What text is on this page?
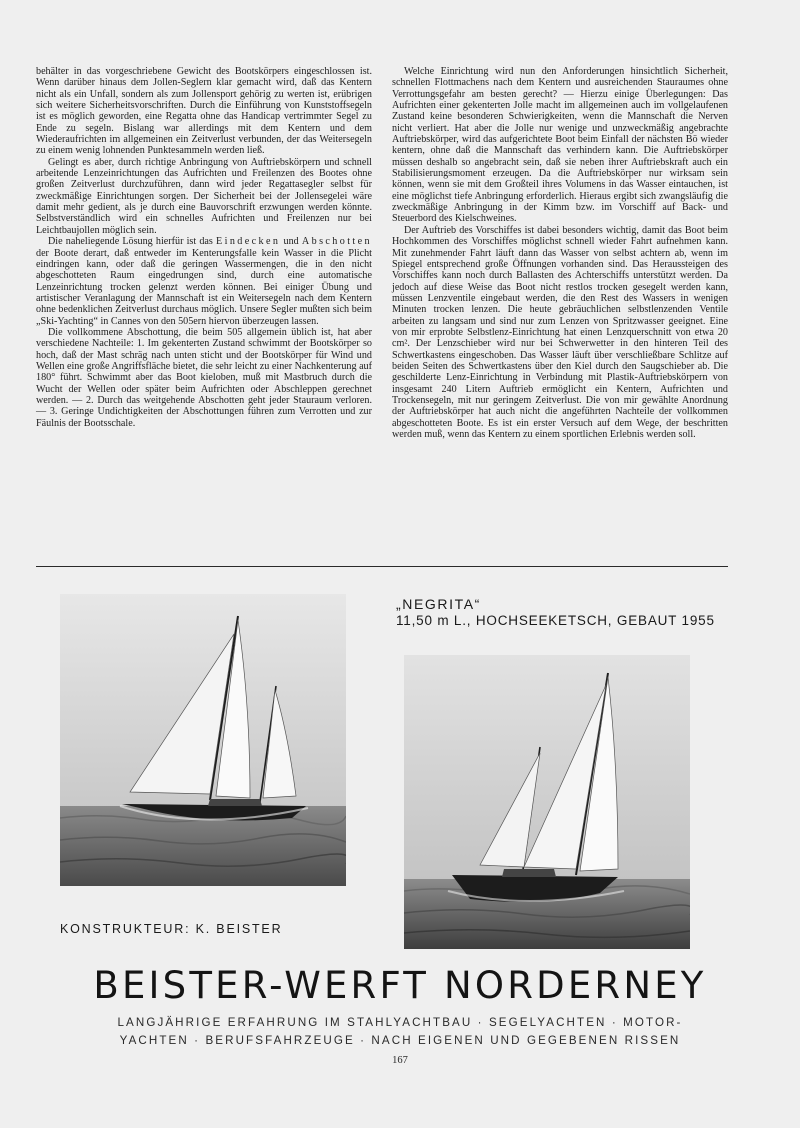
behälter in das vorgeschriebene Gewicht des Bootskörpers eingeschlossen ist. Wenn darüber hinaus dem Jollen-Seglern klar gemacht wird, daß das Kentern nicht als ein Unfall, sondern als zum Jollensport gehörig zu werten ist, erübrigen sich weitere Sicherheitsvorschriften. Durch die Einführung von Kunststoffsegeln ist es möglich geworden, eine Regatta ohne das Handicap vertrimmter Segel zu Ende zu segeln. Bislang war allerdings mit dem Kentern und dem Wiederaufrichten im allgemeinen ein Zeitverlust verbunden, der das Weitersegeln zu einem wenig lohnenden Punktesammeln werden ließ.

Gelingt es aber, durch richtige Anbringung von Auftriebskörpern und schnell arbeitende Lenzeinrichtungen das Aufrichten und Freilenzen des Bootes ohne großen Zeitverlust durchzuführen, dann wird jeder Regattasegler selbst für zweckmäßige Einrichtungen sorgen. Der Sicherheit bei der Jollensegelei wäre damit mehr gedient, als je durch eine Bauvorschrift erzwungen werden könnte. Selbstverständlich wird ein schnelles Aufrichten und Freilenzen nur bei Leichtbaujollen möglich sein.

Die naheliegende Lösung hierfür ist das Eindecken und Abschotten der Boote derart, daß entweder im Kenterungsfalle kein Wasser in die Plicht eindringen kann, oder daß die geringen Wassermengen, die in den nicht abgeschotteten Raum eingedrungen sind, durch eine automatische Lenzeinrichtung trocken gelenzt werden können. Bei einiger Übung und artistischer Veranlagung der Mannschaft ist ein Weitersegeln nach dem Kentern ohne bedenklichen Zeitverlust durchaus möglich. Unsere Segler mußten sich beim „Ski-Yachting“ in Cannes von den 505ern hiervon überzeugen lassen.

Die vollkommene Abschottung, die beim 505 allgemein üblich ist, hat aber verschiedene Nachteile: 1. Im gekenterten Zustand schwimmt der Bootskörper so hoch, daß der Mast schräg nach unten sticht und der Bootskörper für Wind und Wellen eine große Angriffsfläche bietet, die sehr leicht zu einer Nachkenterung auf 180° führt. Schwimmt aber das Boot kieloben, muß mit Mastbruch durch die Wucht der Wellen oder später beim Aufrichten oder Abschleppen gerechnet werden. — 2. Durch das weitgehende Abschotten geht jeder Stauraum verloren. — 3. Geringe Undichtigkeiten der Abschottungen führen zum Verrotten und zur Fäulnis der Bootsschale.

Welche Einrichtung wird nun den Anforderungen hinsichtlich Sicherheit, schnellen Flottmachens nach dem Kentern und ausreichenden Stauraumes ohne Verrottungsgefahr am besten gerecht? — Hierzu einige Überlegungen: Das Aufrichten einer gekenterten Jolle macht im allgemeinen auch im vollgelaufenen Zustand keine besonderen Schwierigkeiten, wenn die Mannschaft die Nerven nicht verliert. Hat aber die Jolle nur wenige und unzweckmäßig angebrachte Auftriebskörper, wird das aufgerichtete Boot beim Einfall der nächsten Bö wieder kentern, ohne daß die Mannschaft das verhindern kann. Die Auftriebskörper müssen deshalb so angebracht sein, daß sie neben ihrer Auftriebskraft auch ein Stabilisierungsmoment erzeugen. Da die Auftriebskörper nur wirksam sein können, wenn sie mit dem Großteil ihres Volumens in das Wasser eintauchen, ist eine möglichst tiefe Anbringung erforderlich. Hieraus ergibt sich zwangsläufig die zweckmäßige Anbringung in der Kimm bzw. im Vorschiff auf Back- und Steuerbord des Kielschweines.

Der Auftrieb des Vorschiffes ist dabei besonders wichtig, damit das Boot beim Hochkommen des Vorschiffes möglichst schnell wieder Fahrt aufnehmen kann. Mit zunehmender Fahrt läuft dann das Wasser von selbst achtern ab, wenn im Spiegel entsprechend große Öffnungen vorhanden sind. Das Heraussteigen des Vorschiffes kann noch durch Ballasten des Achterschiffs unterstützt werden. Da jedoch auf diese Weise das Boot nicht restlos trocken gesegelt werden kann, müssen Lenzventile eingebaut werden, die den Rest des Wassers in wenigen Minuten trocken lenzen. Die heute gebräuchlichen selbstlenzenden Ventile arbeiten zu langsam und sind nur zum Lenzen von Spritzwasser geeignet. Eine von mir erprobte Selbstlenz-Einrichtung hat einen Lenzquerschnitt von etwa 20 cm². Der Lenzschieber wird nur bei Schwerwetter in den hinteren Teil des Schwertkastens eingeschoben. Das Wasser läuft über verschließbare Schlitze auf beiden Seiten des Schwertkastens über den Kiel durch den Saugschieber ab. Die geschilderte Lenz-Einrichtung in Verbindung mit Plastik-Auftriebskörpern von insgesamt 240 Litern Auftrieb ermöglicht ein Kentern, Aufrichten und Trockensegeln, mit nur geringem Zeitverlust. Die von mir gewählte Anordnung der Auftriebskörper hat auch nicht die angeführten Nachteile der vollkommen abgeschotteten Boote. Es ist ein erster Versuch auf dem Wege, der beschritten werden muß, wenn das Kentern zu einem sportlichen Erlebnis werden soll.

„NEGRITA“
11,50 m L., HOCHSEEKETSCH, GEBAUT 1955
KONSTRUKTEUR: K. BEISTER
BEISTER-WERFT NORDERNEY
LANGJÄHRIGE ERFAHRUNG IM STAHLYACHTBAU · SEGELYACHTEN · MOTOR-
YACHTEN · BERUFSFAHRZEUGE · NACH EIGENEN UND GEGEBENEN RISSEN
167
